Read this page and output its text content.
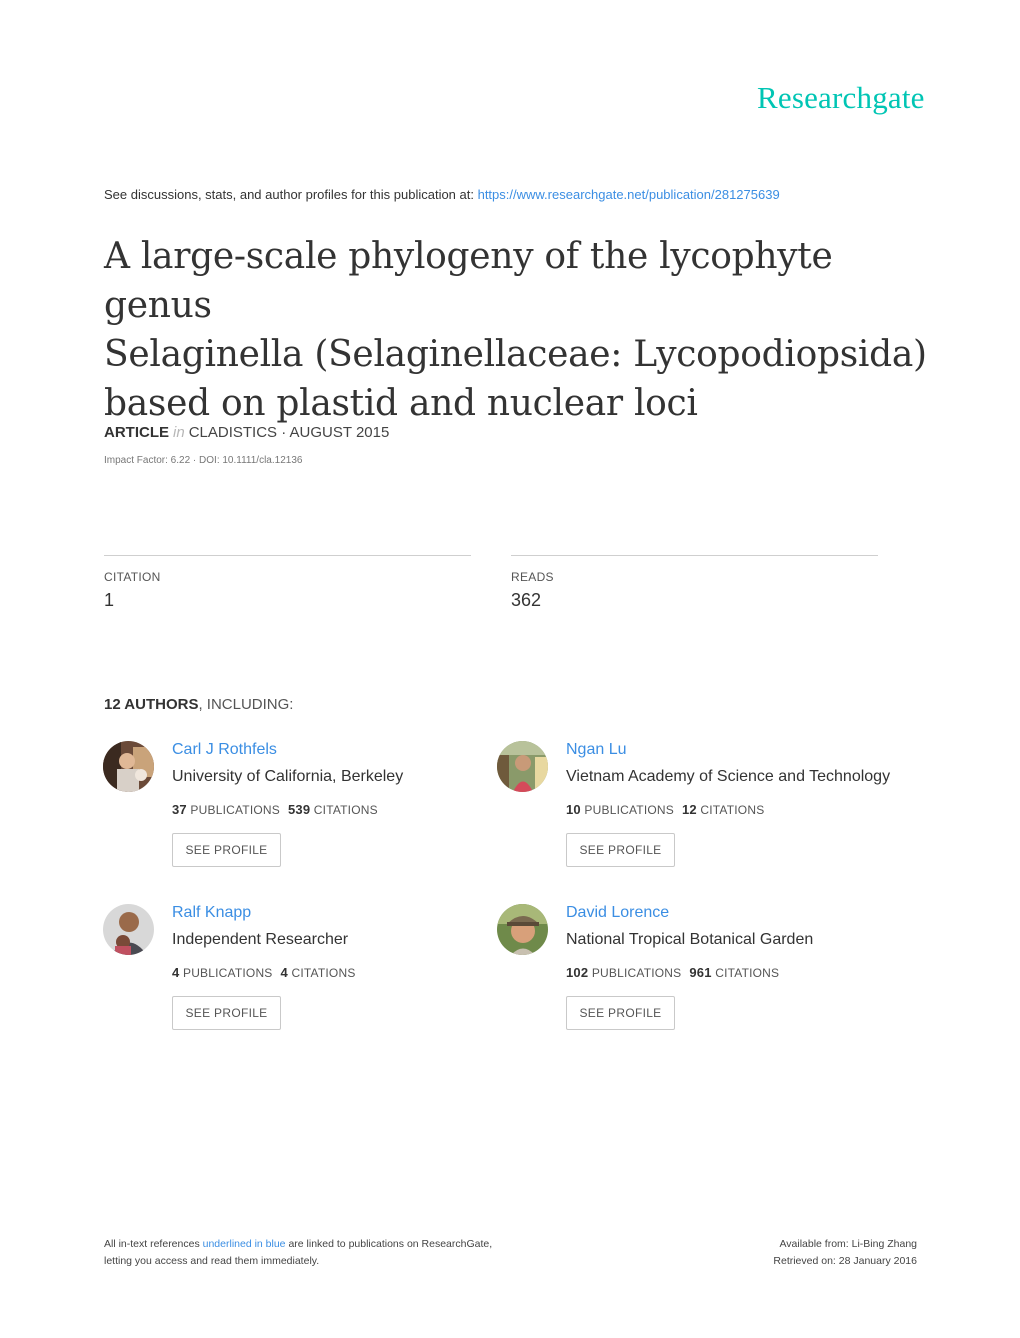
Researchgate
See discussions, stats, and author profiles for this publication at: https://www.researchgate.net/publication/281275639
A large-scale phylogeny of the lycophyte genus
Selaginella (Selaginellaceae: Lycopodiopsida)
based on plastid and nuclear loci
ARTICLE in CLADISTICS · AUGUST 2015
Impact Factor: 6.22 · DOI: 10.1111/cla.12136
CITATION
1
READS
362
12 AUTHORS, INCLUDING:
Carl J Rothfels
University of California, Berkeley
37 PUBLICATIONS 539 CITATIONS
SEE PROFILE
Ngan Lu
Vietnam Academy of Science and Technology
10 PUBLICATIONS 12 CITATIONS
SEE PROFILE
Ralf Knapp
Independent Researcher
4 PUBLICATIONS 4 CITATIONS
SEE PROFILE
David Lorence
National Tropical Botanical Garden
102 PUBLICATIONS 961 CITATIONS
SEE PROFILE
All in-text references underlined in blue are linked to publications on ResearchGate,
letting you access and read them immediately.
Available from: Li-Bing Zhang
Retrieved on: 28 January 2016
